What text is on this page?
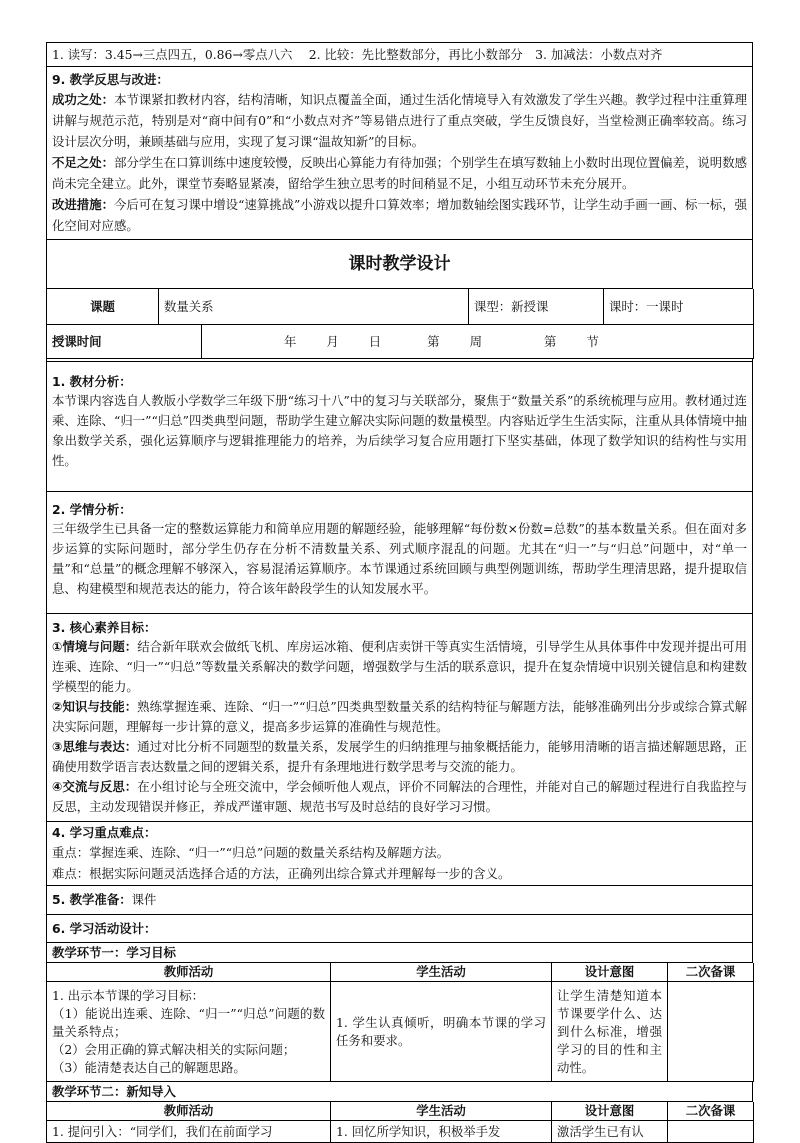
1. 读写：3.45→三点四五，0.86→零点八六　 2. 比较：先比整数部分，再比小数部分　3. 加减法：小数点对齐

9. 教学反思与改进：

成功之处：本节课紧扣教材内容，结构清晰，知识点覆盖全面，通过生活化情境导入有效激发了学生兴趣。教学过程中注重算理讲解与规范示范，特别是对“商中间有0”和“小数点对齐”等易错点进行了重点突破，学生反馈良好，当堂检测正确率较高。练习设计层次分明，兼顾基础与应用，实现了复习课“温故知新”的目标。

不足之处：部分学生在口算训练中速度较慢，反映出心算能力有待加强；个别学生在填写数轴上小数时出现位置偏差，说明数感尚未完全建立。此外，课堂节奏略显紧凑，留给学生独立思考的时间稍显不足，小组互动环节未充分展开。

改进措施：今后可在复习课中增设“速算挑战”小游戏以提升口算效率；增加数轴绘图实践环节，让学生动手画一画、标一标，强化空间对应感。

课时教学设计
课题	数量关系	课型：新授课	课时：一课时
授课时间	年 月 日	第 周	第 节
1. 教材分析：

本节课内容选自人教版小学数学三年级下册“练习十八”中的复习与关联部分，聚焦于“数量关系”的系统梳理与应用。教材通过连乘、连除、“归一”“归总”四类典型问题，帮助学生建立解决实际问题的数量模型。内容贴近学生生活实际，注重从具体情境中抽象出数学关系，强化运算顺序与逻辑推理能力的培养，为后续学习复合应用题打下坚实基础，体现了数学知识的结构性与实用性。

2. 学情分析：

三年级学生已具备一定的整数运算能力和简单应用题的解题经验，能够理解“每份数×份数=总数”的基本数量关系。但在面对多步运算的实际问题时，部分学生仍存在分析不清数量关系、列式顺序混乱的问题。尤其在“归一”与“归总”问题中，对“单一量”和“总量”的概念理解不够深入，容易混淆运算顺序。本节课通过系统回顾与典型例题训练，帮助学生理清思路，提升提取信息、构建模型和规范表达的能力，符合该年龄段学生的认知发展水平。

3. 核心素养目标：

①情境与问题：结合新年联欢会做纸飞机、库房运冰箱、便利店卖饼干等真实生活情境，引导学生从具体事件中发现并提出可用连乘、连除、“归一”“归总”等数量关系解决的数学问题，增强数学与生活的联系意识，提升在复杂情境中识别关键信息和构建数学模型的能力。

②知识与技能：熟练掌握连乘、连除、“归一”“归总”四类典型数量关系的结构特征与解题方法，能够准确列出分步或综合算式解决实际问题，理解每一步计算的意义，提高多步运算的准确性与规范性。

③思维与表达：通过对比分析不同题型的数量关系，发展学生的归纳推理与抽象概括能力，能够用清晰的语言描述解题思路，正确使用数学语言表达数量之间的逻辑关系，提升有条理地进行数学思考与交流的能力。

④交流与反思：在小组讨论与全班交流中，学会倾听他人观点，评价不同解法的合理性，并能对自己的解题过程进行自我监控与反思，主动发现错误并修正，养成严谨审题、规范书写及时总结的良好学习习惯。

4. 学习重点难点：

重点：掌握连乘、连除、“归一”“归总”问题的数量关系结构及解题方法。

难点：根据实际问题灵活选择合适的方法，正确列出综合算式并理解每一步的含义。

5. 教学准备：课件
6. 学习活动设计：
教学环节一：学习目标
教师活动	学生活动	设计意图	二次备课

1. 出示本节课的学习目标：

（1）能说出连乘、连除、“归一”“归总”问题的数量关系特点；

（2）会用正确的算式解决相关的实际问题；

（3）能清楚表达自己的解题思路。	1. 学生认真倾听，明确本节课的学习任务和要求。	让学生清楚知道本节课要学什么、达到什么标准，增强学习的目的性和主动性。	
教学环节二：新知导入
教师活动	学生活动	设计意图	二次备课
1. 提问引入：“同学们，我们在前面学习	1. 回忆所学知识，积极举手发	激活学生已有认	
